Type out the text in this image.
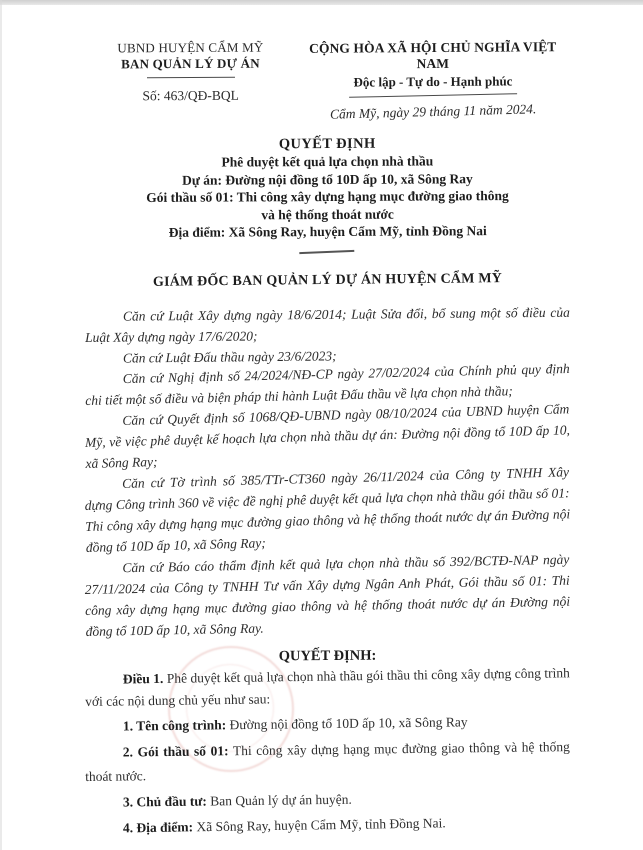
UBND HUYỆN CẨM MỸ
BAN QUẢN LÝ DỰ ÁN
Số: 463/QĐ-BQL
CỘNG HÒA XÃ HỘI CHỦ NGHĨA VIỆT NAM
Độc lập - Tự do - Hạnh phúc
Cẩm Mỹ, ngày 29 tháng 11 năm 2024.
QUYẾT ĐỊNH
Phê duyệt kết quả lựa chọn nhà thầu
Dự án: Đường nội đồng tổ 10D ấp 10, xã Sông Ray
Gói thầu số 01: Thi công xây dựng hạng mục đường giao thông
và hệ thống thoát nước
Địa điểm: Xã Sông Ray, huyện Cẩm Mỹ, tỉnh Đồng Nai
GIÁM ĐỐC BAN QUẢN LÝ DỰ ÁN HUYỆN CẨM MỸ

Căn cứ Luật Xây dựng ngày 18/6/2014; Luật Sửa đổi, bổ sung một số điều của Luật Xây dựng ngày 17/6/2020;

Căn cứ Luật Đấu thầu ngày 23/6/2023;

Căn cứ Nghị định số 24/2024/NĐ-CP ngày 27/02/2024 của Chính phủ quy định chi tiết một số điều và biện pháp thi hành Luật Đấu thầu về lựa chọn nhà thầu;

Căn cứ Quyết định số 1068/QĐ-UBND ngày 08/10/2024 của UBND huyện Cẩm Mỹ, về việc phê duyệt kế hoạch lựa chọn nhà thầu dự án: Đường nội đồng tổ 10D ấp 10, xã Sông Ray;

Căn cứ Tờ trình số 385/TTr-CT360 ngày 26/11/2024 của Công ty TNHH Xây dựng Công trình 360 về việc đề nghị phê duyệt kết quả lựa chọn nhà thầu gói thầu số 01: Thi công xây dựng hạng mục đường giao thông và hệ thống thoát nước dự án Đường nội đồng tổ 10D ấp 10, xã Sông Ray;

Căn cứ Báo cáo thẩm định kết quả lựa chọn nhà thầu số 392/BCTĐ-NAP ngày 27/11/2024 của Công ty TNHH Tư vấn Xây dựng Ngân Anh Phát, Gói thầu số 01: Thi công xây dựng hạng mục đường giao thông và hệ thống thoát nước dự án Đường nội đồng tổ 10D ấp 10, xã Sông Ray.

QUYẾT ĐỊNH:

Điều 1. Phê duyệt kết quả lựa chọn nhà thầu gói thầu thi công xây dựng công trình với các nội dung chủ yếu như sau:

1. Tên công trình: Đường nội đồng tổ 10D ấp 10, xã Sông Ray

2. Gói thầu số 01: Thi công xây dựng hạng mục đường giao thông và hệ thống thoát nước.

3. Chủ đầu tư: Ban Quản lý dự án huyện.

4. Địa điểm: Xã Sông Ray, huyện Cẩm Mỹ, tỉnh Đồng Nai.
